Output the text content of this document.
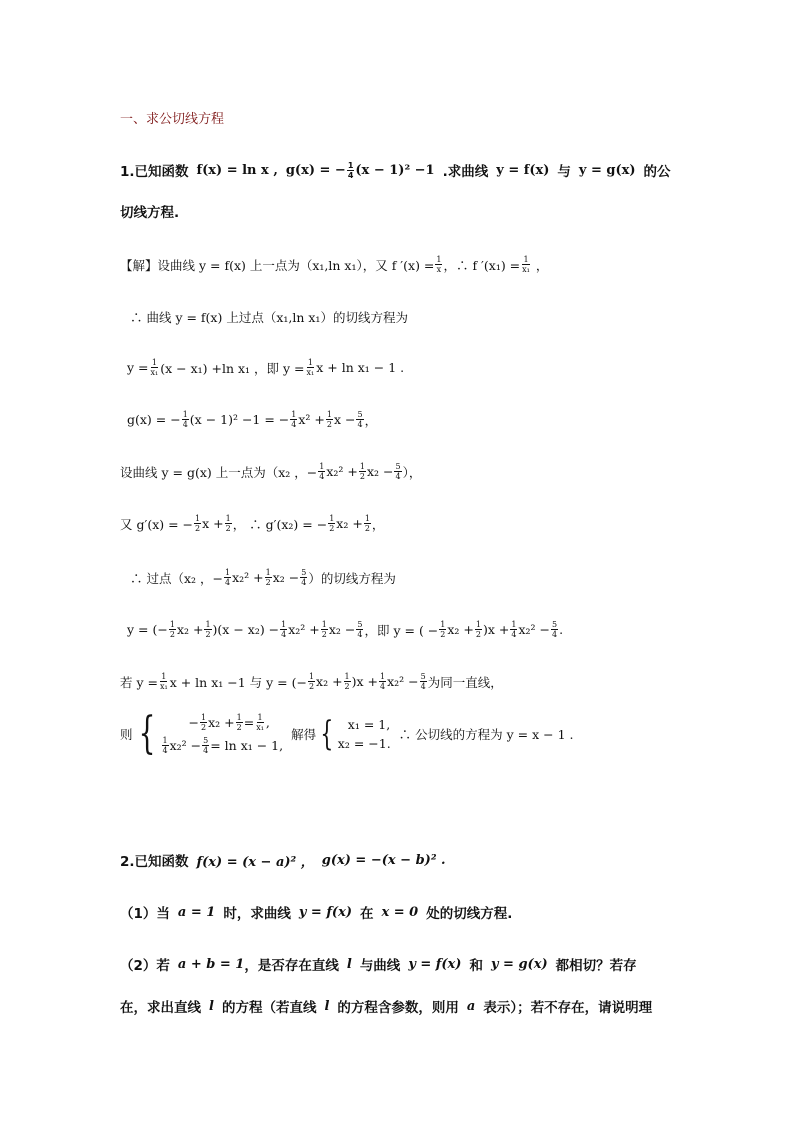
一、求公切线方程
1.已知函数 f(x) = ln x , g(x) = − $\frac{1}{4} (x - 1)^2 -1$ .求曲线 y = f(x) 与 y = g(x) 的公
切线方程.
【解】设曲线 y = f(x) 上一点为（x₁,ln x₁），又 f $'(x) = \frac{1}{x}$ ，∴ f $'(x_1) = \frac{1}{\text{x₁}}$ ，
∴ 曲线 y = f(x) 上过点（x₁,ln x₁）的切线方程为
$y = \frac{1}{\text{x₁}} (x - x_1) +\ln$ x₁ ，即 $y = \frac{1}{\text{x₁}}$ x + ln x₁ − 1 .
g(x) = − $\frac{1}{4} (x - 1)^2 -1$ = − $\frac{1}{4} x^2 + \frac{1}{2}$ $x - \frac{5}{4}$ ，
设曲线 y = g(x) 上一点为（x₂ ，− $\frac{1}{4} x_2^2 + \frac{1}{2} x_2 - \frac{5}{4}$ ），
又 g′(x) = − $\frac{1}{2}$ $x + \frac{1}{2}$ ， ∴ g′(x₂) = − $\frac{1}{2} x_2 + \frac{1}{2}$ ，
∴ 过点（x₂ ，− $\frac{1}{4} x_2^2 + \frac{1}{2} x_2 - \frac{5}{4}$ ）的切线方程为
y = (− $\frac{1}{2} x_2 + \frac{1}{2} )(x - x_2) - \frac{1}{4} x_2^2 + \frac{1}{2} x_2 - \frac{5}{4}$ ，即 y = ( − $\frac{1}{2} x_2 + \frac{1}{2} )x + \frac{1}{4} x_2^2 - \frac{5}{4}$ .
若 $y = \frac{1}{\text{x₁}}$ x + ln x₁ −1 与 y = (− $\frac{1}{2} x_2 + \frac{1}{2} )x + \frac{1}{4} x_2^2 - \frac{5}{4}$ 为同一直线，
则 {	− $\frac{1}{2} x_2 + \frac{1}{2} = \frac{1}{\text{x₁}}$ ,
$\frac{1}{4} x_2^2 - \frac{5}{4} = \ln x_1 - 1$,
解得 {	x₁ = 1,
x₂ = −1.
∴ 公切线的方程为 y = x − 1 .
2.已知函数 f(x) = (x − a)² ， g(x) = −(x − b)² .
（1）当 a = 1 时，求曲线 y = f(x) 在 x = 0 处的切线方程.
（2）若 a + b = 1 ，是否存在直线 l 与曲线 y = f(x) 和 y = g(x) 都相切？若存
在，求出直线 l 的方程（若直线 l 的方程含参数，则用 a 表示）；若不存在，请说明理
